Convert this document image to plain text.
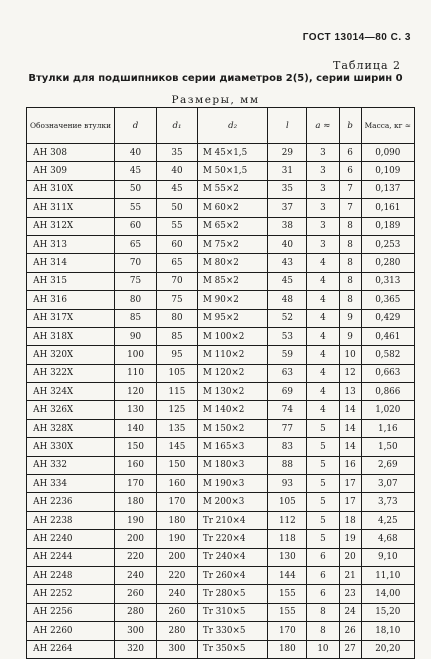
ГОСТ 13014—80 С. 3
Таблица 2
Втулки для подшипников серии диаметров 2(5), серии ширин 0
Размеры, мм
Обозначение втулки	d	d₁	d₂	l	a ≈	b	Масса, кг ≈
АН 308	40	35	М 45×1,5	29	3	6	0,090
АН 309	45	40	М 50×1,5	31	3	6	0,109
АН 310Х	50	45	М 55×2	35	3	7	0,137
АН 311Х	55	50	М 60×2	37	3	7	0,161
АН 312Х	60	55	М 65×2	38	3	8	0,189
АН 313	65	60	М 75×2	40	3	8	0,253
АН 314	70	65	М 80×2	43	4	8	0,280
АН 315	75	70	М 85×2	45	4	8	0,313
АН 316	80	75	М 90×2	48	4	8	0,365
АН 317Х	85	80	М 95×2	52	4	9	0,429
АН 318Х	90	85	М 100×2	53	4	9	0,461
АН 320Х	100	95	М 110×2	59	4	10	0,582
АН 322Х	110	105	М 120×2	63	4	12	0,663
АН 324Х	120	115	М 130×2	69	4	13	0,866
АН 326Х	130	125	М 140×2	74	4	14	1,020
АН 328Х	140	135	М 150×2	77	5	14	1,16
АН 330Х	150	145	М 165×3	83	5	14	1,50
АН 332	160	150	М 180×3	88	5	16	2,69
АН 334	170	160	М 190×3	93	5	17	3,07
АН 2236	180	170	М 200×3	105	5	17	3,73
АН 2238	190	180	Tr 210×4	112	5	18	4,25
АН 2240	200	190	Tr 220×4	118	5	19	4,68
АН 2244	220	200	Tr 240×4	130	6	20	9,10
АН 2248	240	220	Tr 260×4	144	6	21	11,10
АН 2252	260	240	Tr 280×5	155	6	23	14,00
АН 2256	280	260	Tr 310×5	155	8	24	15,20
АН 2260	300	280	Tr 330×5	170	8	26	18,10
АН 2264	320	300	Tr 350×5	180	10	27	20,20
